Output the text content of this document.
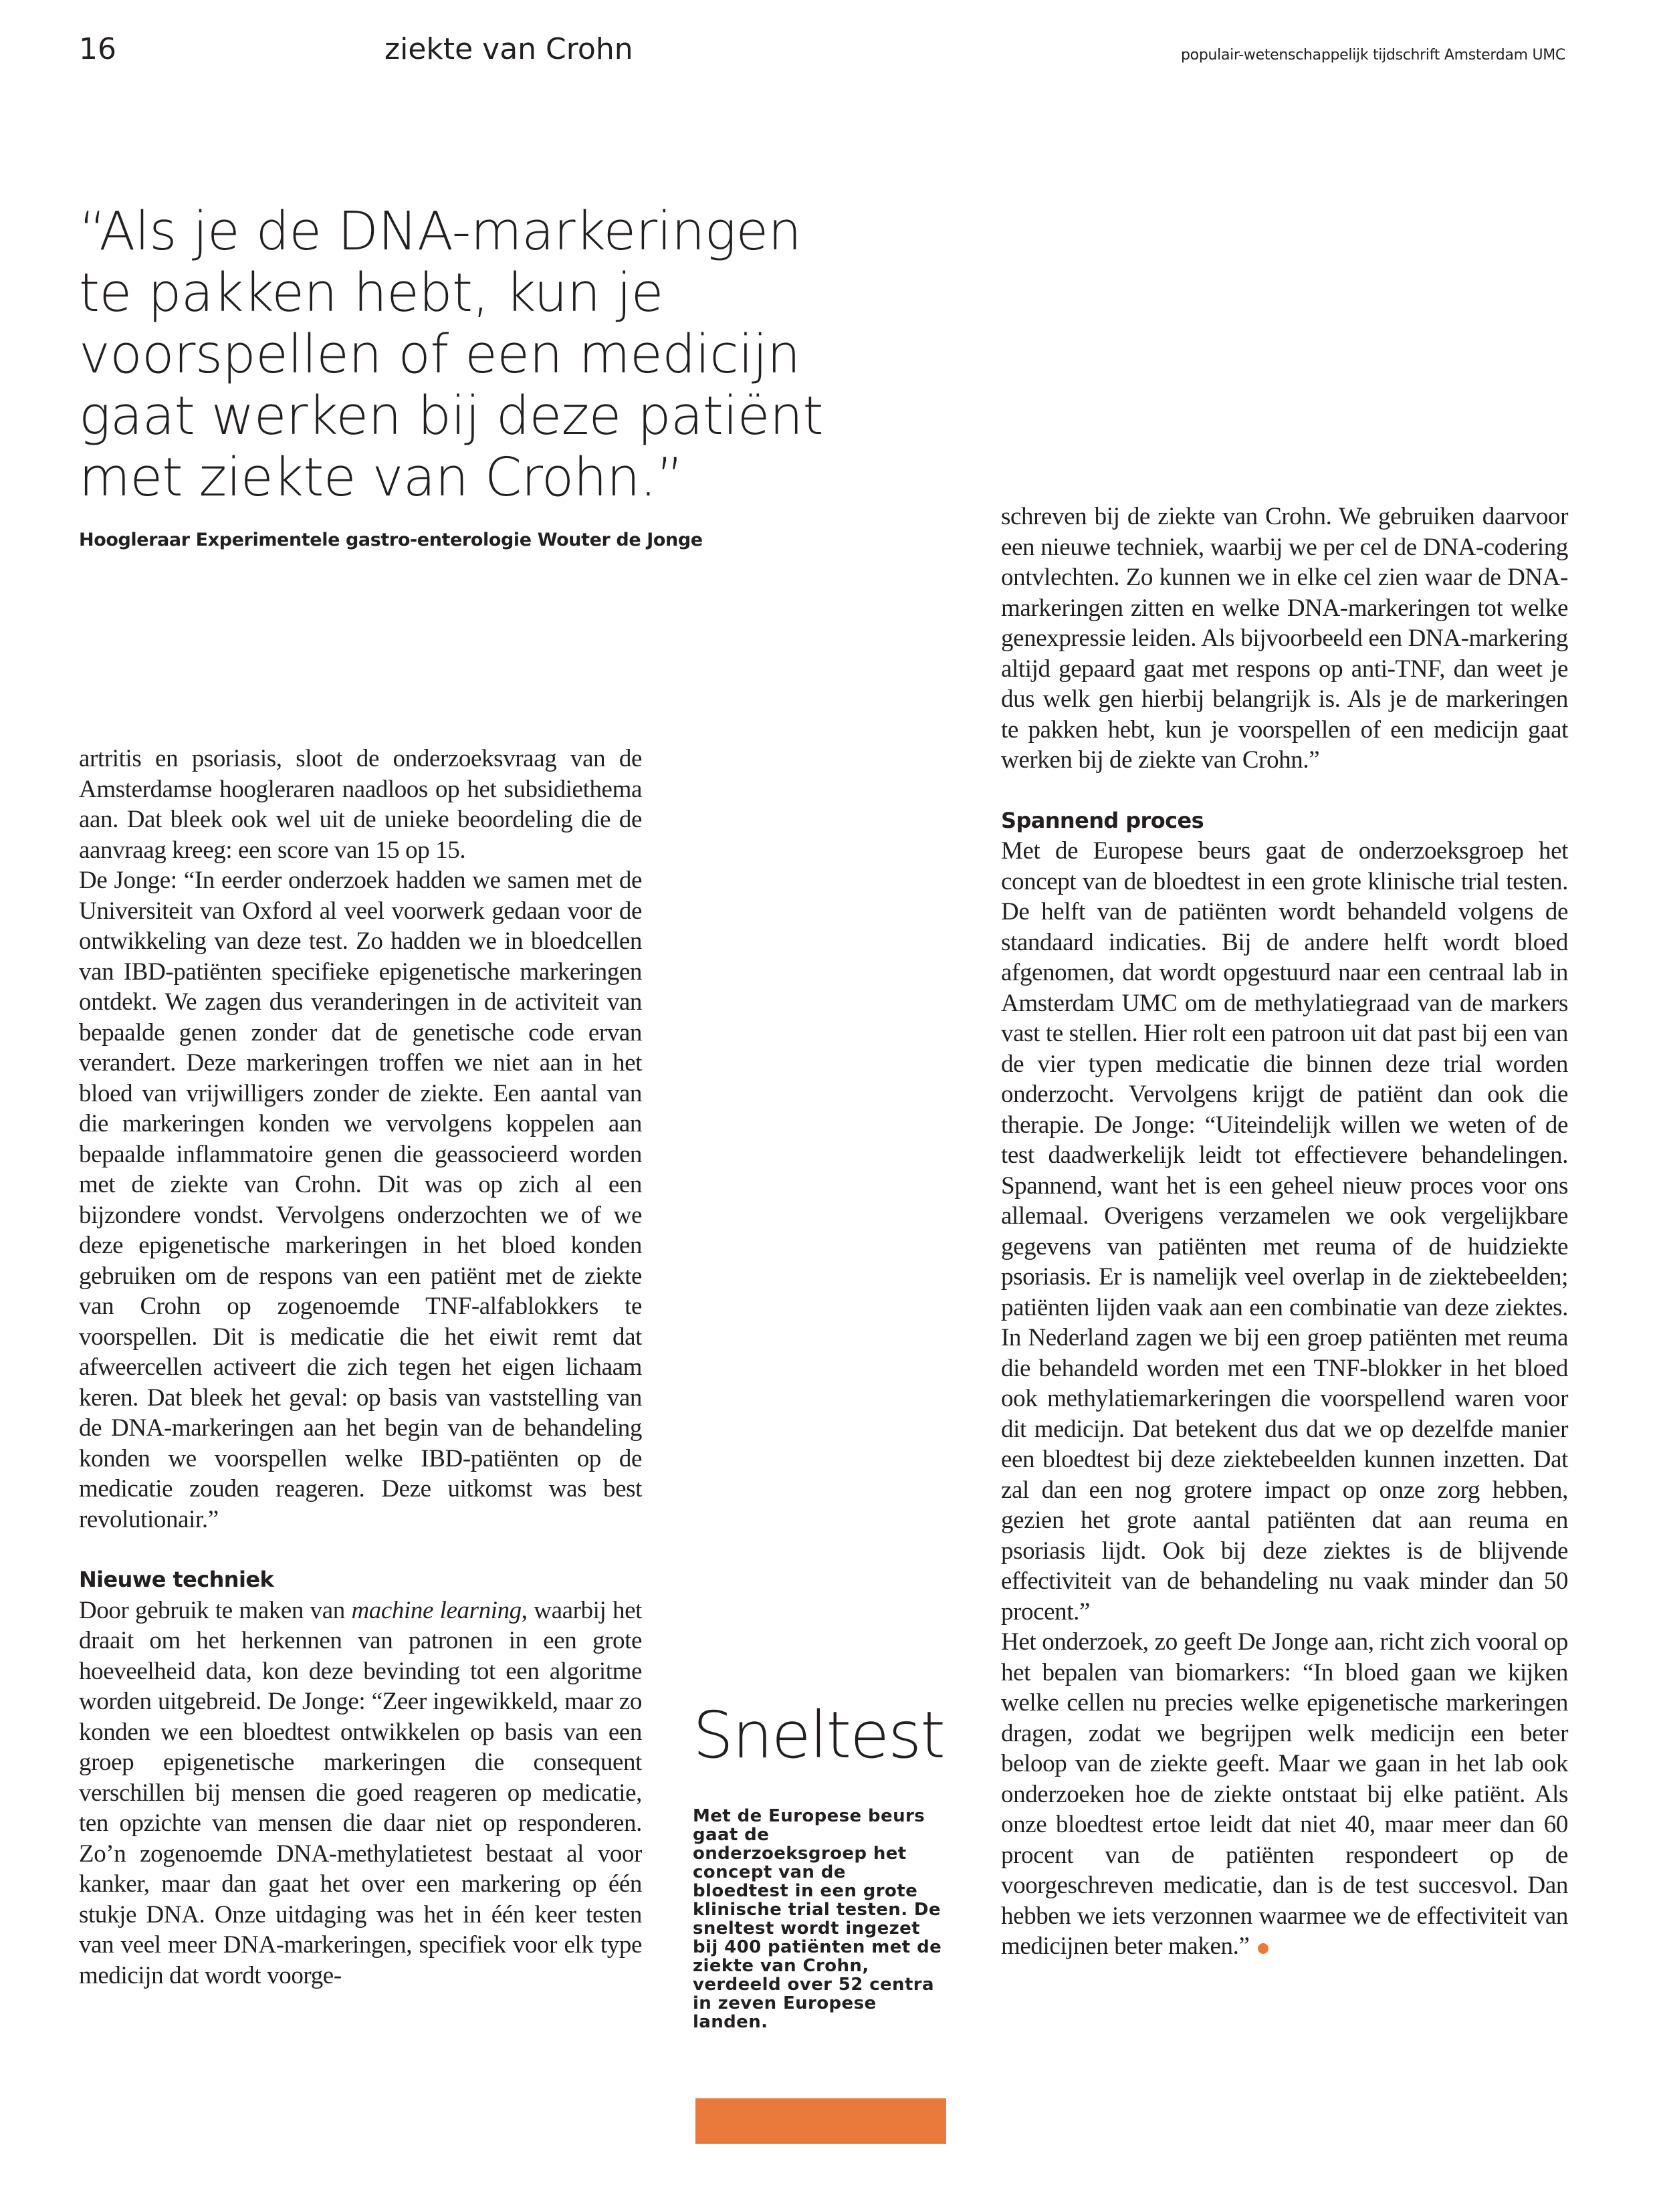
16	ziekte van Crohn	populair-wetenschappelijk tijdschrift Amsterdam UMC
“Als je de DNA-markeringen te pakken hebt, kun je voorspellen of een medicijn gaat werken bij deze patiënt met ziekte van Crohn.”
Hoogleraar Experimentele gastro-enterologie Wouter de Jonge

artritis en psoriasis, sloot de onderzoeksvraag van de Amsterdamse hoogleraren naadloos op het subsidiethema aan. Dat bleek ook wel uit de unieke beoordeling die de aanvraag kreeg: een score van 15 op 15.

De Jonge: “In eerder onderzoek hadden we samen met de Universiteit van Oxford al veel voorwerk gedaan voor de ontwikkeling van deze test. Zo hadden we in bloedcellen van IBD-patiënten specifieke epigenetische markeringen ontdekt. We zagen dus veranderingen in de activiteit van bepaalde genen zonder dat de genetische code ervan verandert. Deze markeringen troffen we niet aan in het bloed van vrijwilligers zonder de ziekte. Een aantal van die markeringen konden we vervolgens koppelen aan bepaalde inflammatoire genen die geassocieerd worden met de ziekte van Crohn. Dit was op zich al een bijzondere vondst. Vervolgens onderzochten we of we deze epigenetische markeringen in het bloed konden gebruiken om de respons van een patiënt met de ziekte van Crohn op zogenoemde TNF-alfablokkers te voorspellen. Dit is medicatie die het eiwit remt dat afweercellen activeert die zich tegen het eigen lichaam keren. Dat bleek het geval: op basis van vaststelling van de DNA-markeringen aan het begin van de behandeling konden we voorspellen welke IBD-patiënten op de medicatie zouden reageren. Deze uitkomst was best revolutionair.”

Nieuwe techniek

Door gebruik te maken van machine learning, waarbij het draait om het herkennen van patronen in een grote hoeveelheid data, kon deze bevinding tot een algoritme worden uitgebreid. De Jonge: “Zeer ingewikkeld, maar zo konden we een bloedtest ontwikkelen op basis van een groep epigenetische markeringen die consequent verschillen bij mensen die goed reageren op medicatie, ten opzichte van mensen die daar niet op responderen. Zo’n zogenoemde DNA-methylatietest bestaat al voor kanker, maar dan gaat het over een markering op één stukje DNA. Onze uitdaging was het in één keer testen van veel meer DNA-markeringen, specifiek voor elk type medicijn dat wordt voorge-

schreven bij de ziekte van Crohn. We gebruiken daarvoor een nieuwe techniek, waarbij we per cel de DNA-codering ontvlechten. Zo kunnen we in elke cel zien waar de DNA-markeringen zitten en welke DNA-markeringen tot welke genexpressie leiden. Als bijvoorbeeld een DNA-markering altijd gepaard gaat met respons op anti-TNF, dan weet je dus welk gen hierbij belangrijk is. Als je de markeringen te pakken hebt, kun je voorspellen of een medicijn gaat werken bij de ziekte van Crohn.”

Spannend proces

Met de Europese beurs gaat de onderzoeksgroep het concept van de bloedtest in een grote klinische trial testen. De helft van de patiënten wordt behandeld volgens de standaard indicaties. Bij de andere helft wordt bloed afgenomen, dat wordt opgestuurd naar een centraal lab in Amsterdam UMC om de methylatiegraad van de markers vast te stellen. Hier rolt een patroon uit dat past bij een van de vier typen medicatie die binnen deze trial worden onderzocht. Vervolgens krijgt de patiënt dan ook die therapie. De Jonge: “Uiteindelijk willen we weten of de test daadwerkelijk leidt tot effectievere behandelingen. Spannend, want het is een geheel nieuw proces voor ons allemaal. Overigens verzamelen we ook vergelijkbare gegevens van patiënten met reuma of de huidziekte psoriasis. Er is namelijk veel overlap in de ziektebeelden; patiënten lijden vaak aan een combinatie van deze ziektes. In Nederland zagen we bij een groep patiënten met reuma die behandeld worden met een TNF-blokker in het bloed ook methylatiemarkeringen die voorspellend waren voor dit medicijn. Dat betekent dus dat we op dezelfde manier een bloedtest bij deze ziektebeelden kunnen inzetten. Dat zal dan een nog grotere impact op onze zorg hebben, gezien het grote aantal patiënten dat aan reuma en psoriasis lijdt. Ook bij deze ziektes is de blijvende effectiviteit van de behandeling nu vaak minder dan 50 procent.”

Het onderzoek, zo geeft De Jonge aan, richt zich vooral op het bepalen van biomarkers: “In bloed gaan we kijken welke cellen nu precies welke epigenetische markeringen dragen, zodat we begrijpen welk medicijn een beter beloop van de ziekte geeft. Maar we gaan in het lab ook onderzoeken hoe de ziekte ontstaat bij elke patiënt. Als onze bloedtest ertoe leidt dat niet 40, maar meer dan 60 procent van de patiënten respondeert op de voorgeschreven medicatie, dan is de test succesvol. Dan hebben we iets verzonnen waarmee we de effectiviteit van medicijnen beter maken.”

Sneltest
Met de Europese beurs gaat de onderzoeksgroep het concept van de bloedtest in een grote klinische trial testen. De sneltest wordt ingezet bij 400 patiënten met de ziekte van Crohn, verdeeld over 52 centra in zeven Europese landen.
